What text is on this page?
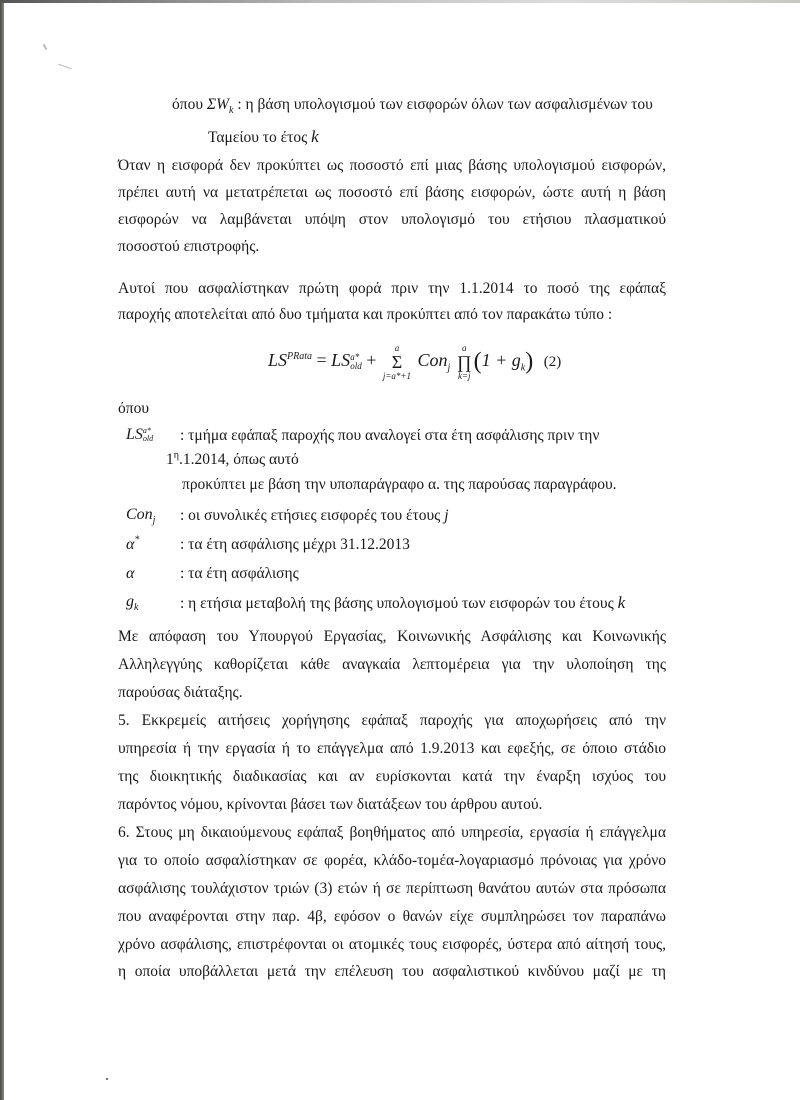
όπου $\Sigma W_k$ : η βάση υπολογισμού των εισφορών όλων των ασφαλισμένων του
Ταμείου το έτος k
Όταν η εισφορά δεν προκύπτει ως ποσοστό επί μιας βάσης υπολογισμού εισφορών,
πρέπει αυτή να μετατρέπεται ως ποσοστό επί βάσης εισφορών, ώστε αυτή η βάση
εισφορών να λαμβάνεται υπόψη στον υπολογισμό του ετήσιου πλασματικού
ποσοστού επιστροφής.
Αυτοί που ασφαλίστηκαν πρώτη φορά πριν την 1.1.2014 το ποσό της εφάπαξ
παροχής αποτελείται από δυο τμήματα και προκύπτει από τον παρακάτω τύπο :
$LS^{PRata}$ = LS a*
old +
a
Σ
j=a*+1
Con$_j$
a
∏
k=j
$(1 + g_k)$ (2)
όπου
LS a*
old : τμήμα εφάπαξ παροχής που αναλογεί στα έτη ασφάλισης πριν την
$1^\eta.1.2014$, όπως αυτό
προκύπτει με βάση την υποπαράγραφο α. της παρούσας παραγράφου.
Con$_j$ : οι συνολικές ετήσιες εισφορές του έτους j
α*	: τα έτη ασφάλισης μέχρι 31.12.2013
α	: τα έτη ασφάλισης
$g_k$	: η ετήσια μεταβολή της βάσης υπολογισμού των εισφορών του έτους k
Με απόφαση του Υπουργού Εργασίας, Κοινωνικής Ασφάλισης και Κοινωνικής
Αλληλεγγύης καθορίζεται κάθε αναγκαία λεπτομέρεια για την υλοποίηση της
παρούσας διάταξης.
5. Εκκρεμείς αιτήσεις χορήγησης εφάπαξ παροχής για αποχωρήσεις από την
υπηρεσία ή την εργασία ή το επάγγελμα από 1.9.2013 και εφεξής, σε όποιο στάδιο
της διοικητικής διαδικασίας και αν ευρίσκονται κατά την έναρξη ισχύος του
παρόντος νόμου, κρίνονται βάσει των διατάξεων του άρθρου αυτού.
6. Στους μη δικαιούμενους εφάπαξ βοηθήματος από υπηρεσία, εργασία ή επάγγελμα
για το οποίο ασφαλίστηκαν σε φορέα, κλάδο-τομέα-λογαριασμό πρόνοιας για χρόνο
ασφάλισης τουλάχιστον τριών (3) ετών ή σε περίπτωση θανάτου αυτών στα πρόσωπα
που αναφέρονται στην παρ. 4β, εφόσον ο θανών είχε συμπληρώσει τον παραπάνω
χρόνο ασφάλισης, επιστρέφονται οι ατομικές τους εισφορές, ύστερα από αίτησή τους,
η οποία υποβάλλεται μετά την επέλευση του ασφαλιστικού κινδύνου μαζί με τη
